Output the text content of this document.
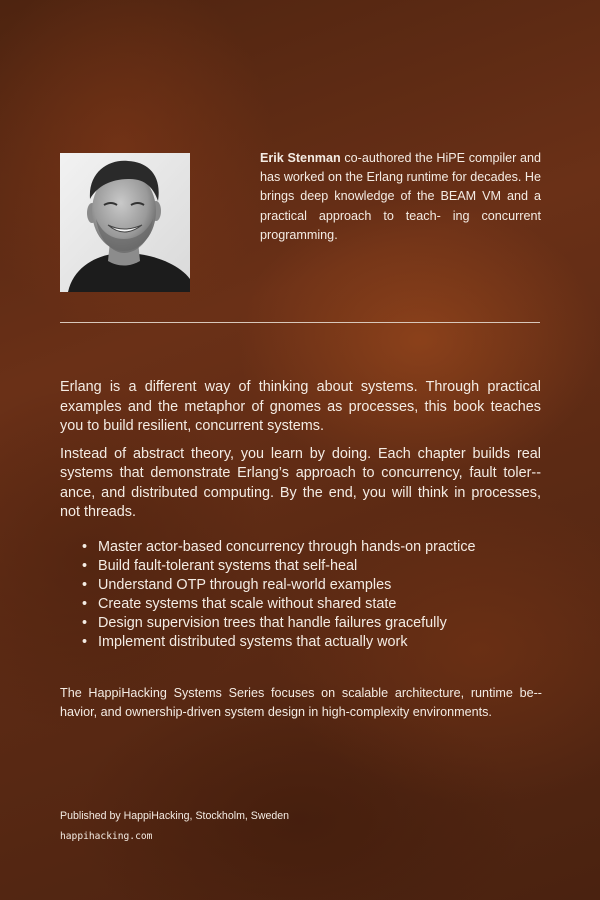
Erik Stenman co-authored the HiPE compiler and has worked on the Erlang runtime for decades. He brings deep knowledge of the BEAM VM and a practical approach to teach- ing concurrent programming.

Erlang is a different way of thinking about systems. Through practical examples and the metaphor of gnomes as processes, this book teaches you to build resilient, concurrent systems.

Instead of abstract theory, you learn by doing. Each chapter builds real systems that demonstrate Erlang’s approach to concurrency, fault toler-ance, and distributed computing. By the end, you will think in processes, not threads.

• Master actor-based concurrency through hands-on practice
• Build fault-tolerant systems that self-heal
• Understand OTP through real-world examples
• Create systems that scale without shared state
• Design supervision trees that handle failures gracefully
• Implement distributed systems that actually work
The HappiHacking Systems Series focuses on scalable architecture, runtime be-havior, and ownership-driven system design in high-complexity environments.
Published by HappiHacking, Stockholm, Sweden
happihacking.com
